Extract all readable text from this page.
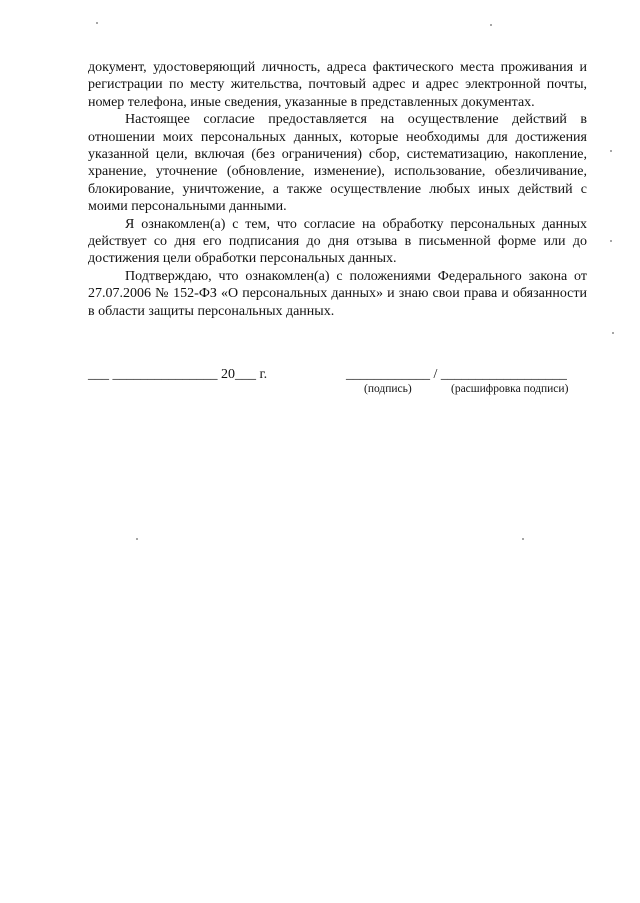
документ, удостоверяющий личность, адреса фактического места проживания и регистрации по месту жительства, почтовый адрес и адрес электронной почты, номер телефона, иные сведения, указанные в представленных документах.

Настоящее согласие предоставляется на осуществление действий в отношении моих персональных данных, которые необходимы для достижения указанной цели, включая (без ограничения) сбор, систематизацию, накопление, хранение, уточнение (обновление, изменение), использование, обезличивание, блокирование, уничтожение, а также осуществление любых иных действий с моими персональными данными.

Я ознакомлен(а) с тем, что согласие на обработку персональных данных действует со дня его подписания до дня отзыва в письменной форме или до достижения цели обработки персональных данных.

Подтверждаю, что ознакомлен(а) с положениями Федерального закона от 27.07.2006 № 152-ФЗ «О персональных данных» и знаю свои права и обязанности в области защиты персональных данных.

___ _______________ 20___ г.	____________ / __________________
(подпись)	(расшифровка подписи)
